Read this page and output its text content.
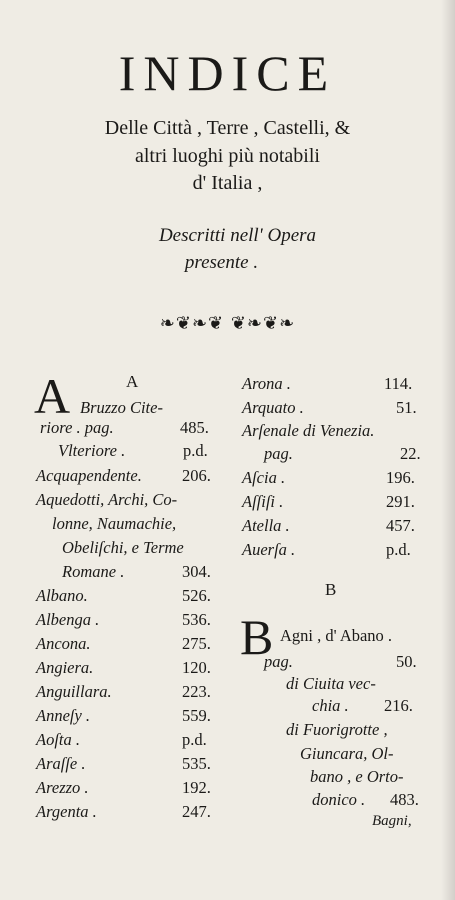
INDICE
Delle Città , Terre , Castelli, &
altri luoghi più notabili
d' Italia ,
Descritti nell' Opera
presente .
❧❦❧❦ ❦❧❦❧
A
A Bruzzo Cite-
riore . pag.	485.
Vlteriore .	p.d.
Acquapendente. 206.
Aquedotti, Archi, Co-
lonne, Naumachie,
Obeliſchi, e Terme
Romane .	304.
Albano.	526.
Albenga .	536.
Ancona.	275.
Angiera.	120.
Anguillara.	223.
Anneſy .	559.
Aoſta .	p.d.
Araſſe .	535.
Arezzo .	192.
Argenta .	247.
Arona .	114.
Arquato .	51.
Arſenale di Venezia.
pag.	22.
Aſcia .	196.
Aſſiſi .	291.
Atella .	457.
Auerſa .	p.d.
B
B Agni , d' Abano .
pag.	50.
di Ciuita vec-
chia . 216.
di Fuorigrotte ,
Giuncara, Ol-
bano , e Orto-
donico . 483.
Bagni,
